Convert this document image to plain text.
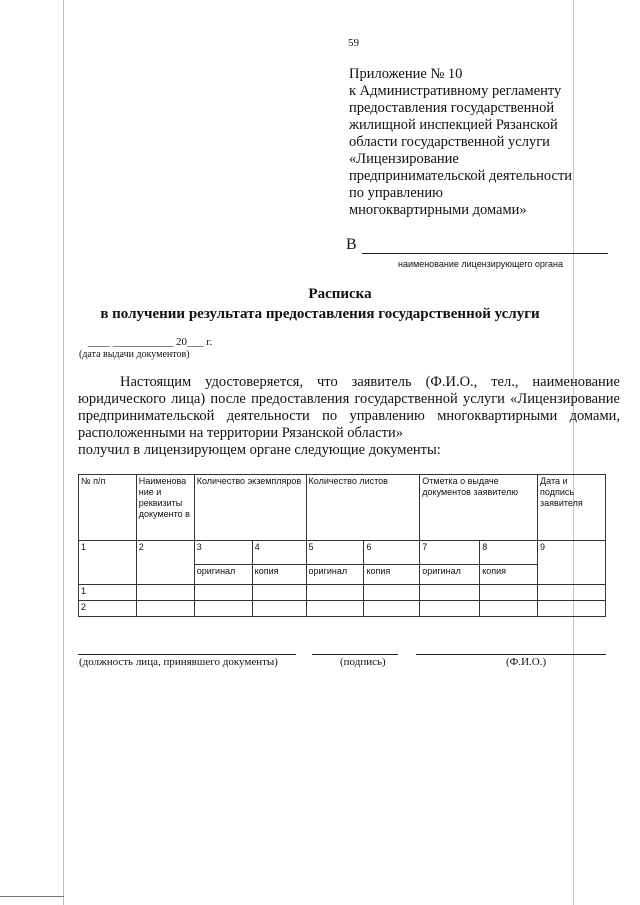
59
Приложение № 10
к Административному регламенту
предоставления государственной
жилищной инспекцией Рязанской
области государственной услуги
«Лицензирование
предпринимательской деятельности
по управлению
многоквартирными домами»
В
наименование лицензирующего органа
Расписка
в получении результата предоставления государственной услуги
____ ___________ 20___ г.
(дата выдачи документов)

Настоящим удостоверяется, что заявитель (Ф.И.О., тел., наименование юридического лица) после предоставления государственной услуги «Лицензирование предпринимательской деятельности по управлению многоквартирными домами, расположенными на территории Рязанской области»

получил в лицензирующем органе следующие документы:

№ п/п	Наименова ние и реквизиты документо в	Количество экземпляров		Количество листов		Отметка о выдаче документов заявителю		Дата и подпись заявителя
1	2	3	4	5	6	7	8	9
		оригинал	копия	оригинал	копия	оригинал	копия	
1								
2								
(должность лица, принявшего документы)	(подпись)	(Ф.И.О.)
